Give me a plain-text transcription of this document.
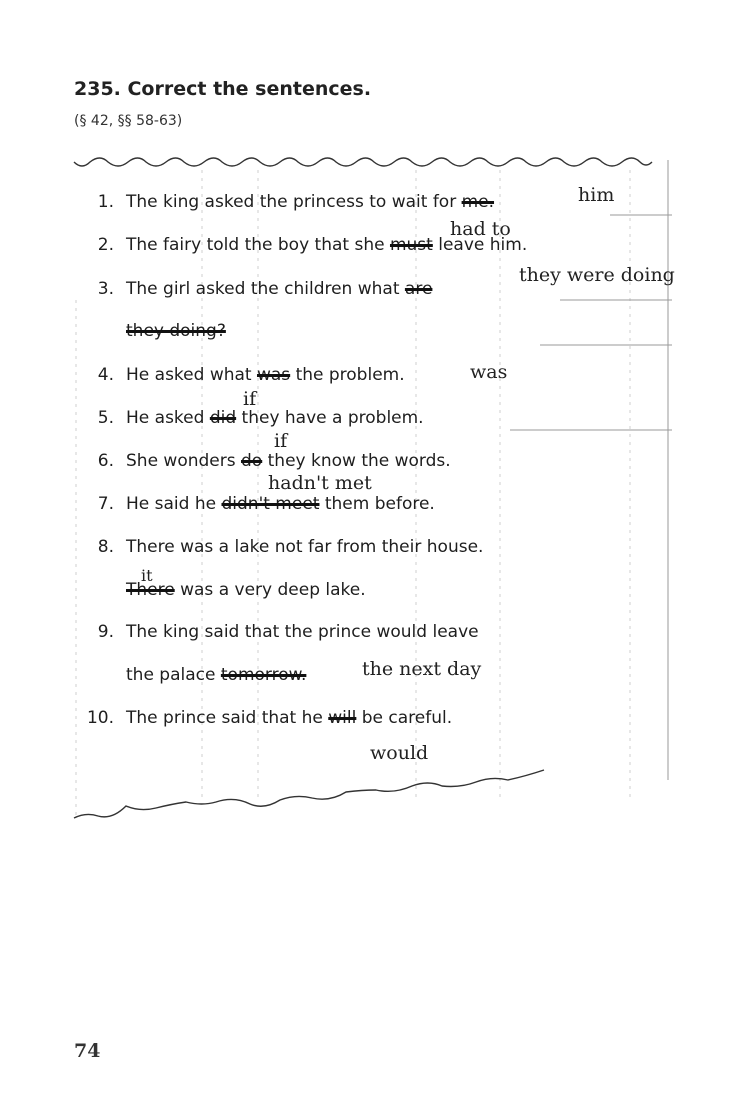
235. Correct the sentences.
(§ 42, §§ 58-63)
1. The king asked the princess to wait for me.	him
had to
2. The fairy told the boy that she must leave him.
3. The girl asked the children what are
they were doing
they doing?
4. He asked what was the problem.	was
if
5. He asked did they have a problem.
if
6. She wonders do they know the words.
hadn't met
7. He said he didn't meet them before.
8. There was a lake not far from their house.
it
There was a very deep lake.
9. The king said that the prince would leave
the palace tomorrow.	the next day
10. The prince said that he will be careful.
would
74
